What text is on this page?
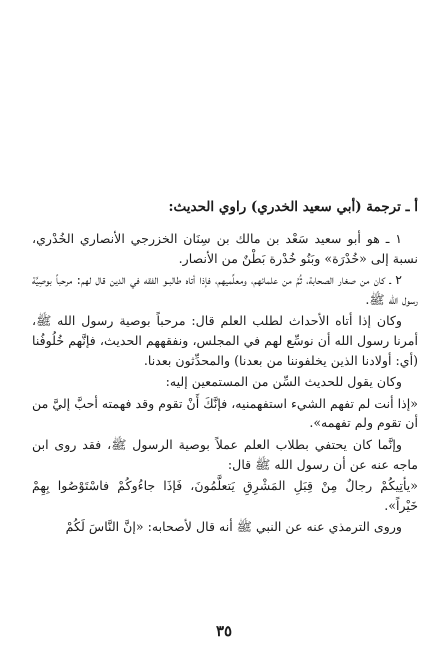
أ ـ ترجمة (أبي سعيد الخدري) راوي الحديث:

١ ـ هو أبو سعيد سَعْد بن مالك بن سِنَان الخزرجي الأنصاري الخُدْري، نسبة إلى «خُدْرَة» وبَنُو خُدْرة بَطْنٌ من الأنصار.

٢ ـ كان من صغار الصحابة، ثُمَّ من علمائهم، ومعلِّميهم، فإذا أتاه طالبـو الفقه في الدين قال لهم: مرحباً بوصِيَّة رسول الله ﷺ.

وكان إذا أتاه الأحداث لطلب العلم قال: مرحباً بوصية رسول الله ﷺ، أمرنا رسول الله أن نوسِّع لهم في المجلس، ونفقههم الحديث، فإنَّهم خُلُوفُنا (أي: أولادنا الذين يخلفوننا من بعدنا) والمحدِّثون بعدنا.

وكان يقول للحديث السِّن من المستمعين إليه:

«إذا أنت لم تفهم الشيء استفهمنيه، فإنَّكَ أَنْ تقوم وقد فهمته أحبَّ إليَّ من أن تقوم ولم تفهمه».

وإنَّما كان يحتفي بطلاب العلم عملاً بوصية الرسول ﷺ، فقد روى ابن ماجه عنه عن أن رسول الله ﷺ قال:

«يأتِيكُمْ رجالٌ مِنْ قِبَلِ المَشْرِقِ يَتعلَّمُونَ، فَإذَا جاءُوكُمْ فاسْتَوْصُوا بِهِمْ خَيْراً».

وروى الترمذي عنه عن النبي ﷺ أنه قال لأصحابه: «إنَّ النَّاسَ لَكُمْ

٣٥
